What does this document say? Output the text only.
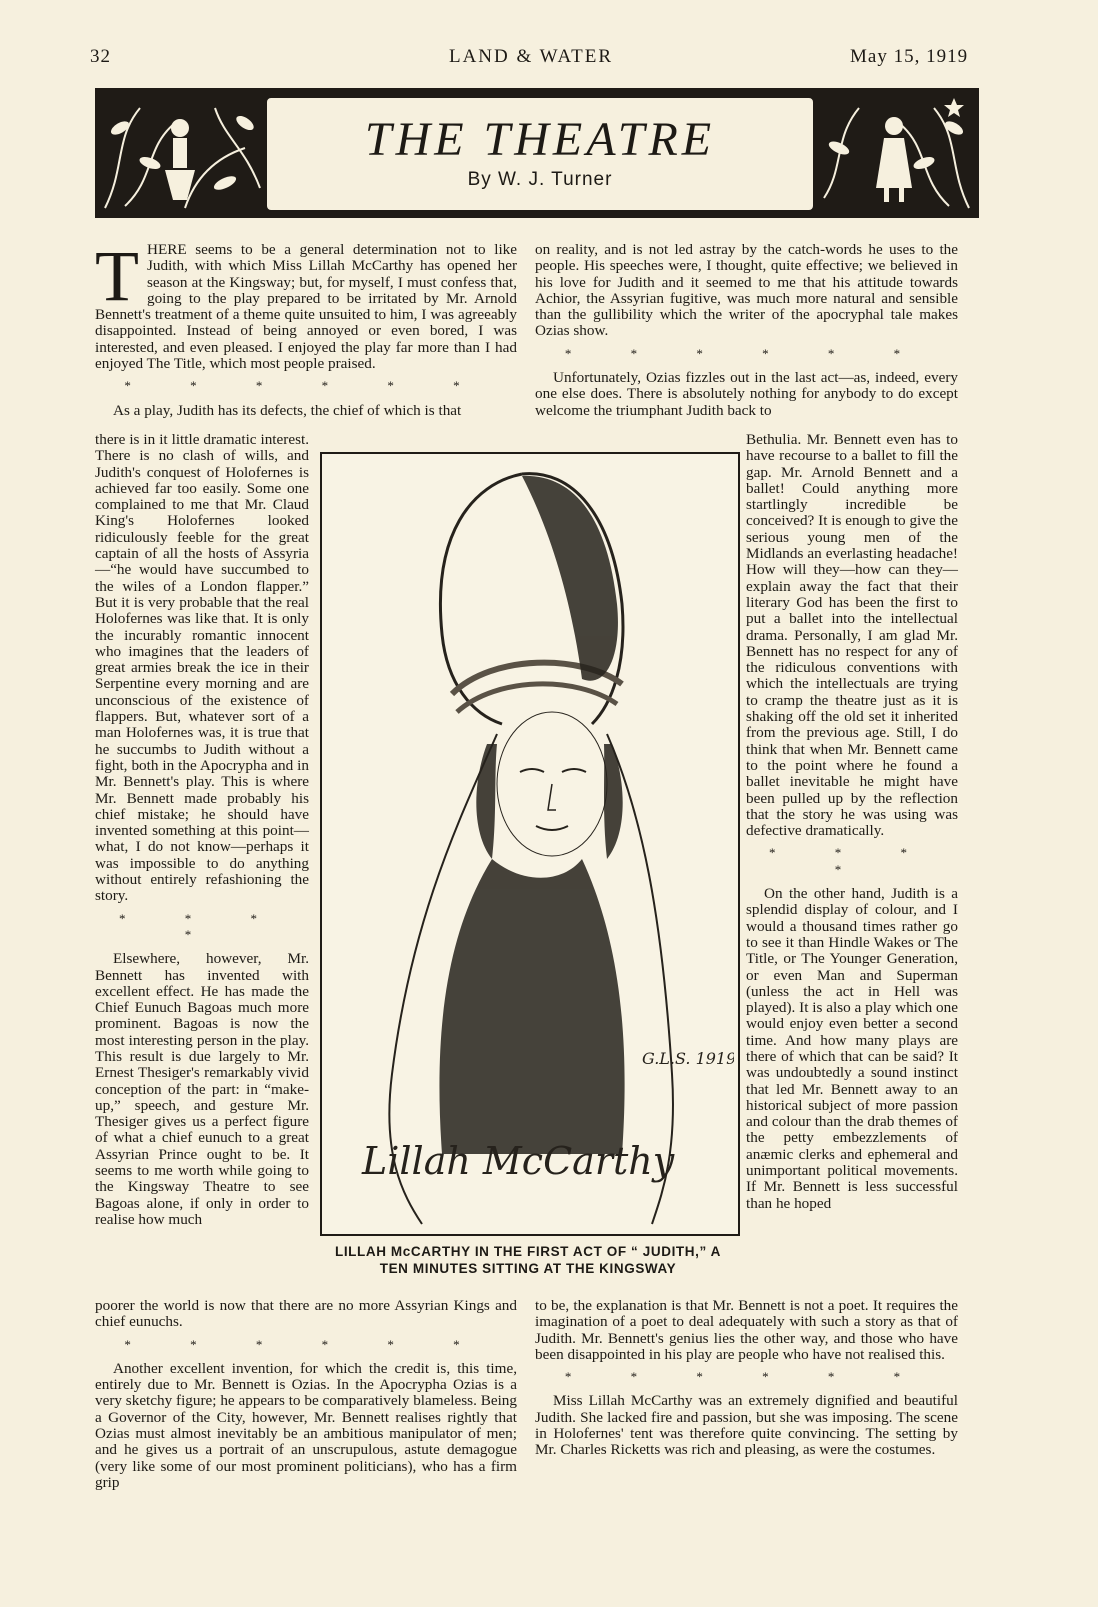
32	LAND & WATER	May 15, 1919
THE THEATRE
By W. J. Turner
T HERE seems to be a general determination not to like Judith, with which Miss Lillah McCarthy has opened her season at the Kingsway; but, for myself, I must confess that, going to the play prepared to be irritated by Mr. Arnold Bennett's treatment of a theme quite unsuited to him, I was agreeably disappointed. Instead of being annoyed or even bored, I was interested, and even pleased. I enjoyed the play far more than I had enjoyed The Title, which most people praised.

* * * * * *

As a play, Judith has its defects, the chief of which is that

on reality, and is not led astray by the catch-words he uses to the people. His speeches were, I thought, quite effective; we believed in his love for Judith and it seemed to me that his attitude towards Achior, the Assyrian fugitive, was much more natural and sensible than the gullibility which the writer of the apocryphal tale makes Ozias show.

* * * * * *

Unfortunately, Ozias fizzles out in the last act—as, indeed, every one else does. There is absolutely nothing for anybody to do except welcome the triumphant Judith back to

there is in it little dramatic interest. There is no clash of wills, and Judith's conquest of Holofernes is achieved far too easily. Some one complained to me that Mr. Claud King's Holofernes looked ridiculously feeble for the great captain of all the hosts of Assyria—“he would have succumbed to the wiles of a London flapper.” But it is very probable that the real Holofernes was like that. It is only the incurably romantic innocent who imagines that the leaders of great armies break the ice in their Serpentine every morning and are unconscious of the existence of flappers. But, whatever sort of a man Holofernes was, it is true that he succumbs to Judith without a fight, both in the Apocrypha and in Mr. Bennett's play. This is where Mr. Bennett made probably his chief mistake; he should have invented something at this point—what, I do not know—perhaps it was impossible to do anything without entirely refashioning the story.

* * * *

Elsewhere, however, Mr. Bennett has invented with excellent effect. He has made the Chief Eunuch Bagoas much more prominent. Bagoas is now the most interesting person in the play. This result is due largely to Mr. Ernest Thesiger's remarkably vivid conception of the part: in “make-up,” speech, and gesture Mr. Thesiger gives us a perfect figure of what a chief eunuch to a great Assyrian Prince ought to be. It seems to me worth while going to the Kingsway Theatre to see Bagoas alone, if only in order to realise how much

Lillah McCarthy
G.L.S. 1919
LILLAH McCARTHY IN THE FIRST ACT OF “ JUDITH,” A TEN MINUTES SITTING AT THE KINGSWAY

Bethulia. Mr. Bennett even has to have recourse to a ballet to fill the gap. Mr. Arnold Bennett and a ballet! Could anything more startlingly incredible be conceived? It is enough to give the serious young men of the Midlands an everlasting headache! How will they—how can they—explain away the fact that their literary God has been the first to put a ballet into the intellectual drama. Personally, I am glad Mr. Bennett has no respect for any of the ridiculous conventions with which the intellectuals are trying to cramp the theatre just as it is shaking off the old set it inherited from the previous age. Still, I do think that when Mr. Bennett came to the point where he found a ballet inevitable he might have been pulled up by the reflection that the story he was using was defective dramatically.

* * * *

On the other hand, Judith is a splendid display of colour, and I would a thousand times rather go to see it than Hindle Wakes or The Title, or The Younger Generation, or even Man and Superman (unless the act in Hell was played). It is also a play which one would enjoy even better a second time. And how many plays are there of which that can be said? It was undoubtedly a sound instinct that led Mr. Bennett away to an historical subject of more passion and colour than the drab themes of the petty embezzlements of anæmic clerks and ephemeral and unimportant political movements. If Mr. Bennett is less successful than he hoped

poorer the world is now that there are no more Assyrian Kings and chief eunuchs.

* * * * * *

Another excellent invention, for which the credit is, this time, entirely due to Mr. Bennett is Ozias. In the Apocrypha Ozias is a very sketchy figure; he appears to be comparatively blameless. Being a Governor of the City, however, Mr. Bennett realises rightly that Ozias must almost inevitably be an ambitious manipulator of men; and he gives us a portrait of an unscrupulous, astute demagogue (very like some of our most prominent politicians), who has a firm grip

to be, the explanation is that Mr. Bennett is not a poet. It requires the imagination of a poet to deal adequately with such a story as that of Judith. Mr. Bennett's genius lies the other way, and those who have been disappointed in his play are people who have not realised this.

* * * * * *

Miss Lillah McCarthy was an extremely dignified and beautiful Judith. She lacked fire and passion, but she was imposing. The scene in Holofernes' tent was therefore quite convincing. The setting by Mr. Charles Ricketts was rich and pleasing, as were the costumes.
